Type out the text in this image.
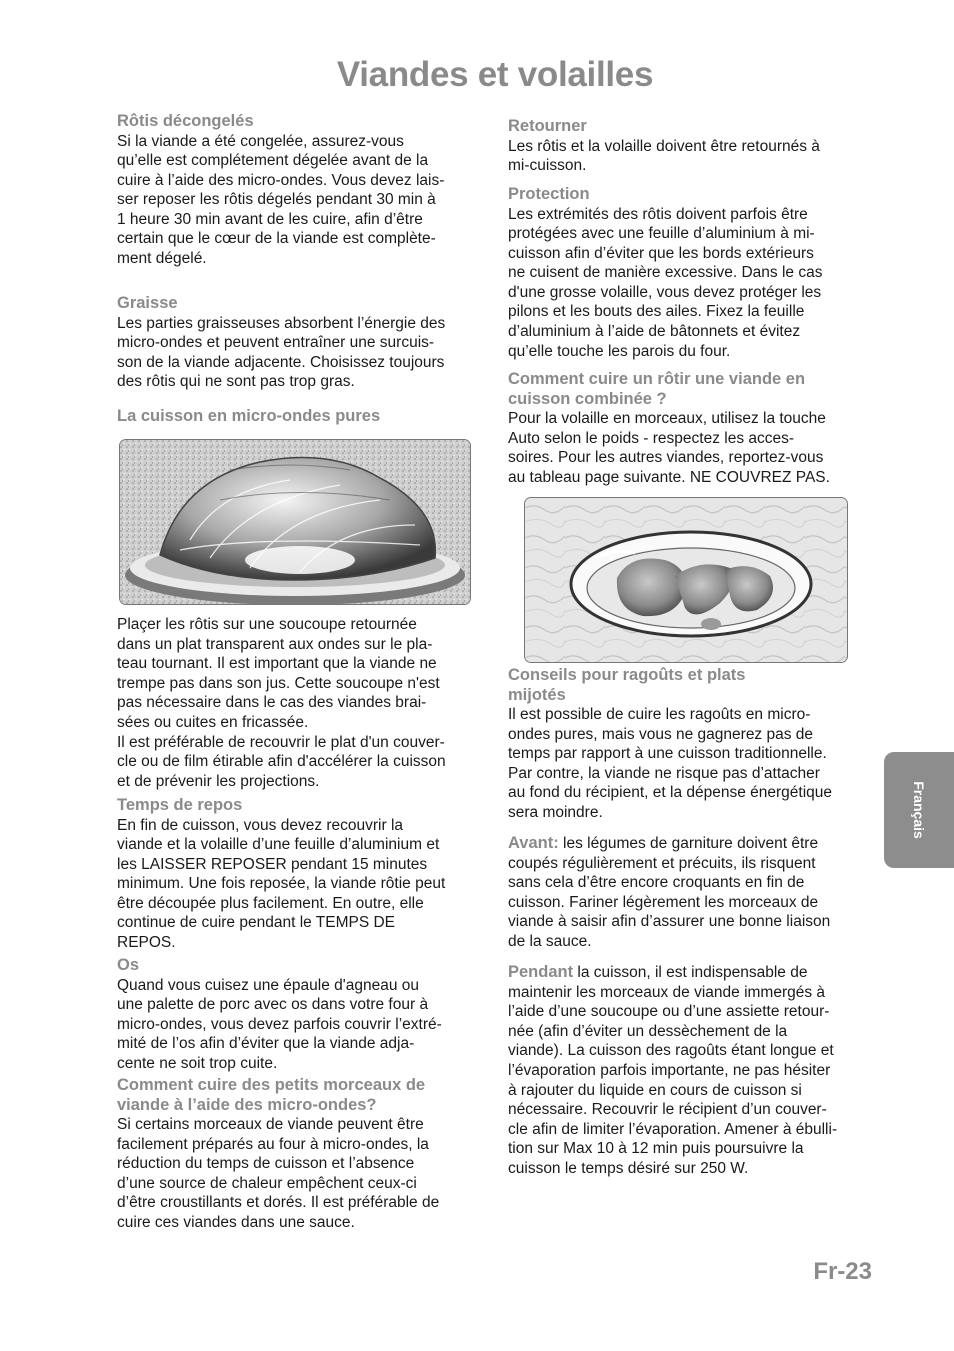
Viandes et volailles

Rôtis décongelés

Si la viande a été congelée, assurez-vous
qu’elle est complétement dégelée avant de la
cuire à l’aide des micro-ondes. Vous devez lais-
ser reposer les rôtis dégelés pendant 30 min à
1 heure 30 min avant de les cuire, afin d’être
certain que le cœur de la viande est complète-
ment dégelé.

Graisse

Les parties graisseuses absorbent l’énergie des
micro-ondes et peuvent entraîner une surcuis-
son de la viande adjacente. Choisissez toujours
des rôtis qui ne sont pas trop gras.

La cuisson en micro-ondes pures

Plaçer les rôtis sur une soucoupe retournée
dans un plat transparent aux ondes sur le pla-
teau tournant. Il est important que la viande ne
trempe pas dans son jus. Cette soucoupe n'est
pas nécessaire dans le cas des viandes brai-
sées ou cuites en fricassée.
Il est préférable de recouvrir le plat d'un couver-
cle ou de film étirable afin d'accélérer la cuisson
et de prévenir les projections.

Temps de repos

En fin de cuisson, vous devez recouvrir la
viande et la volaille d’une feuille d’aluminium et
les LAISSER REPOSER pendant 15 minutes
minimum. Une fois reposée, la viande rôtie peut
être découpée plus facilement. En outre, elle
continue de cuire pendant le TEMPS DE
REPOS.

Os

Quand vous cuisez une épaule d'agneau ou
une palette de porc avec os dans votre four à
micro-ondes, vous devez parfois couvrir l’extré-
mité de l’os afin d’éviter que la viande adja-
cente ne soit trop cuite.

Comment cuire des petits morceaux de
viande à l’aide des micro-ondes?

Si certains morceaux de viande peuvent être
facilement préparés au four à micro-ondes, la
réduction du temps de cuisson et l’absence
d’une source de chaleur empêchent ceux-ci
d’être croustillants et dorés. Il est préférable de
cuire ces viandes dans une sauce.

Retourner

Les rôtis et la volaille doivent être retournés à
mi-cuisson.

Protection

Les extrémités des rôtis doivent parfois être
protégées avec une feuille d’aluminium à mi-
cuisson afin d’éviter que les bords extérieurs
ne cuisent de manière excessive. Dans le cas
d'une grosse volaille, vous devez protéger les
pilons et les bouts des ailes. Fixez la feuille
d’aluminium à l’aide de bâtonnets et évitez
qu’elle touche les parois du four.

Comment cuire un rôtir une viande en
cuisson combinée ?

Pour la volaille en morceaux, utilisez la touche
Auto selon le poids - respectez les acces-
soires. Pour les autres viandes, reportez-vous
au tableau page suivante. NE COUVREZ PAS.

Conseils pour ragoûts et plats
mijotés

Il est possible de cuire les ragoûts en micro-
ondes pures, mais vous ne gagnerez pas de
temps par rapport à une cuisson traditionnelle.
Par contre, la viande ne risque pas d’attacher
au fond du récipient, et la dépense énergétique
sera moindre.

Avant: les légumes de garniture doivent être
coupés régulièrement et précuits, ils risquent
sans cela d’être encore croquants en fin de
cuisson. Fariner légèrement les morceaux de
viande à saisir afin d’assurer une bonne liaison
de la sauce.

Pendant la cuisson, il est indispensable de
maintenir les morceaux de viande immergés à
l’aide d’une soucoupe ou d’une assiette retour-
née (afin d’éviter un dessèchement de la
viande). La cuisson des ragoûts étant longue et
l’évaporation parfois importante, ne pas hésiter
à rajouter du liquide en cours de cuisson si
nécessaire. Recouvrir le récipient d’un couver-
cle afin de limiter l’évaporation. Amener à ébulli-
tion sur Max 10 à 12 min puis poursuivre la
cuisson le temps désiré sur 250 W.

Français
Fr-23
